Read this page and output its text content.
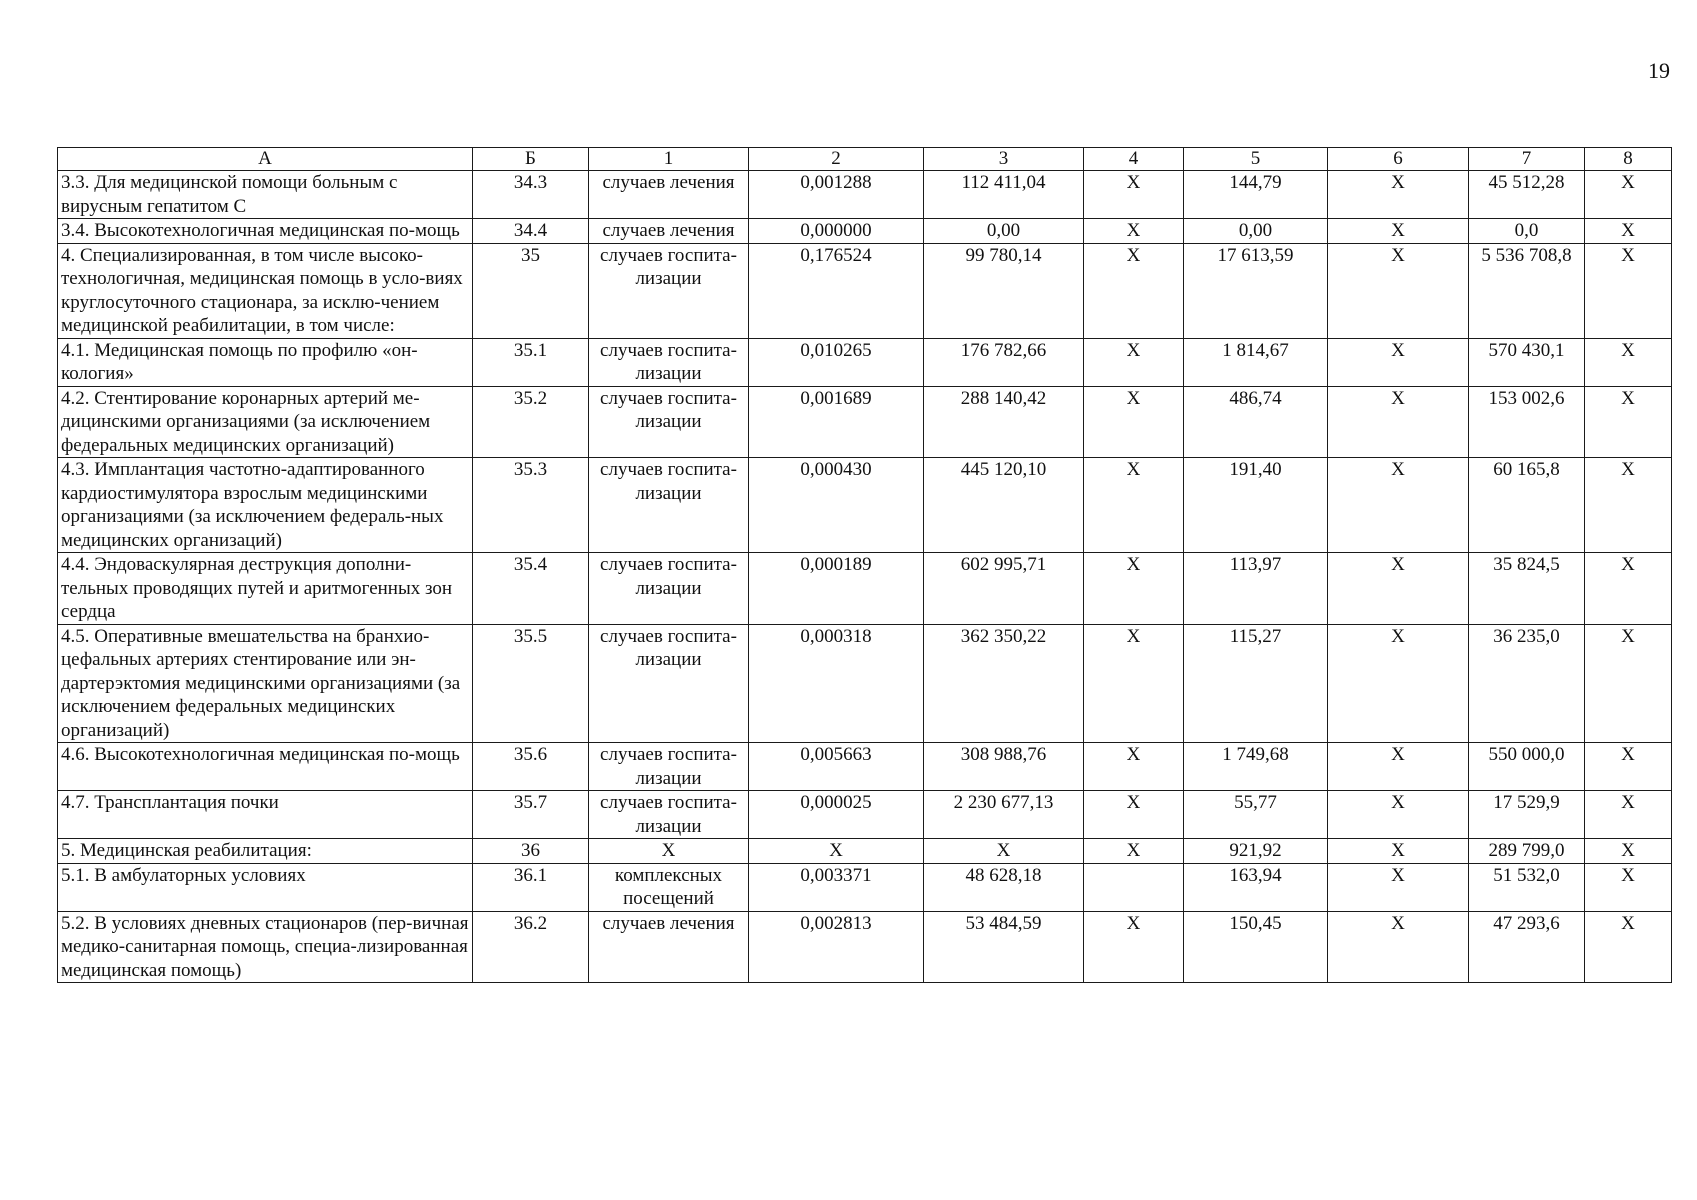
19
А	Б	1	2	3	4	5	6	7	8
3.3. Для медицинской помощи больным с вирусным гепатитом С	34.3	случаев лечения	0,001288	112 411,04	X	144,79	X	45 512,28	X
3.4. Высокотехнологичная медицинская по-мощь	34.4	случаев лечения	0,000000	0,00	X	0,00	X	0,0	X
4. Специализированная, в том числе высоко-технологичная, медицинская помощь в усло-виях круглосуточного стационара, за исклю-чением медицинской реабилитации, в том числе:	35	случаев госпита-лизации	0,176524	99 780,14	X	17 613,59	X	5 536 708,8	X
4.1. Медицинская помощь по профилю «он-кология»	35.1	случаев госпита-лизации	0,010265	176 782,66	X	1 814,67	X	570 430,1	X
4.2. Стентирование коронарных артерий ме-дицинскими организациями (за исключением федеральных медицинских организаций)	35.2	случаев госпита-лизации	0,001689	288 140,42	X	486,74	X	153 002,6	X
4.3. Имплантация частотно-адаптированного кардиостимулятора взрослым медицинскими организациями (за исключением федераль-ных медицинских организаций)	35.3	случаев госпита-лизации	0,000430	445 120,10	X	191,40	X	60 165,8	X
4.4. Эндоваскулярная деструкция дополни-тельных проводящих путей и аритмогенных зон сердца	35.4	случаев госпита-лизации	0,000189	602 995,71	X	113,97	X	35 824,5	X
4.5. Оперативные вмешательства на бранхио-цефальных артериях стентирование или эн-дартерэктомия медицинскими организациями (за исключением федеральных медицинских организаций)	35.5	случаев госпита-лизации	0,000318	362 350,22	X	115,27	X	36 235,0	X
4.6. Высокотехнологичная медицинская по-мощь	35.6	случаев госпита-лизации	0,005663	308 988,76	X	1 749,68	X	550 000,0	X
4.7. Трансплантация почки	35.7	случаев госпита-лизации	0,000025	2 230 677,13	X	55,77	X	17 529,9	X
5. Медицинская реабилитация:	36	X	X	X	X	921,92	X	289 799,0	X
5.1. В амбулаторных условиях	36.1	комплексных посещений	0,003371	48 628,18		163,94	X	51 532,0	X
5.2. В условиях дневных стационаров (пер-вичная медико-санитарная помощь, специа-лизированная медицинская помощь)	36.2	случаев лечения	0,002813	53 484,59	X	150,45	X	47 293,6	X
